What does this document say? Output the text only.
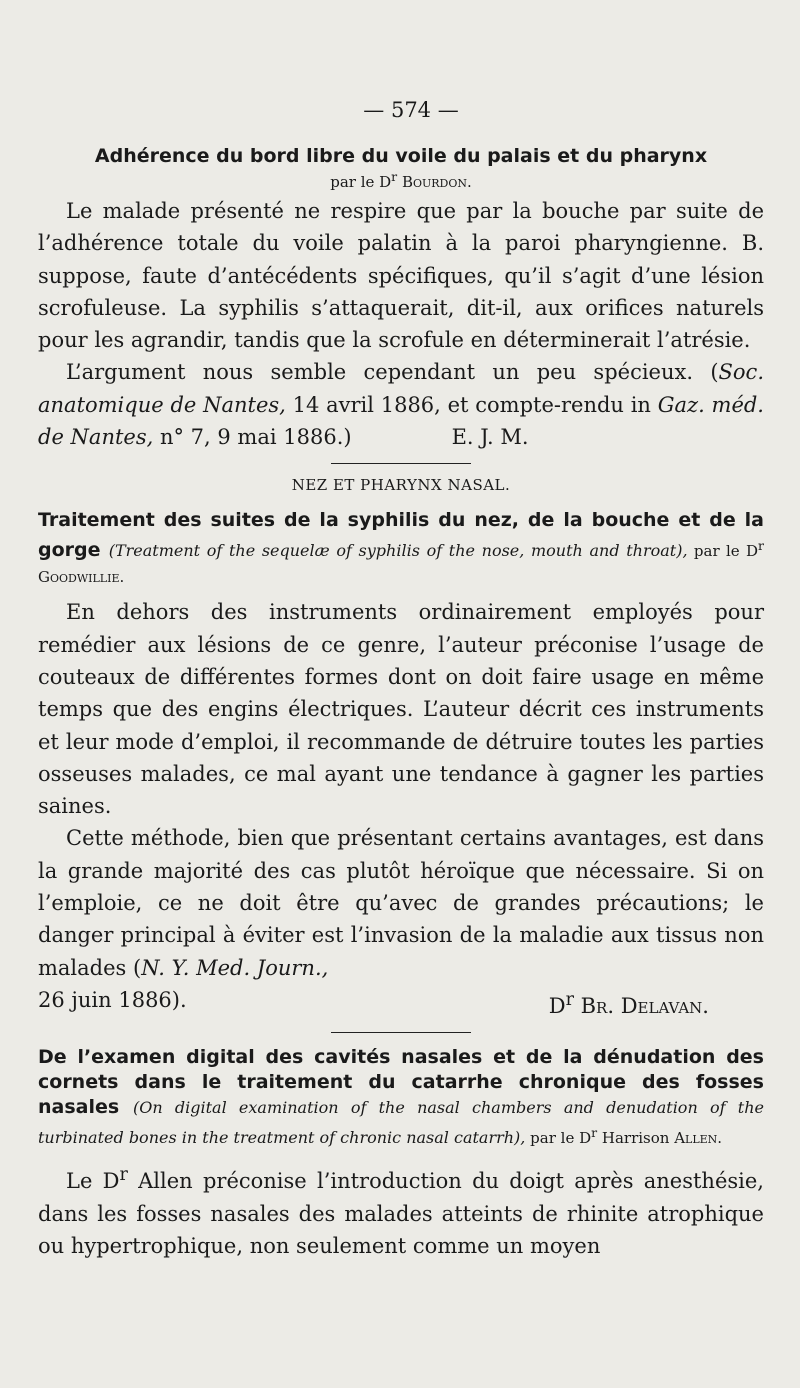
— 574 —
Adhérence du bord libre du voile du palais et du pharynx
par le $D^r$ Bourdon.

Le malade présenté ne respire que par la bouche par suite de l’adhérence totale du voile palatin à la paroi pharyngienne. B. suppose, faute d’antécédents spécifiques, qu’il s’agit d’une lésion scrofuleuse. La syphilis s’attaquerait, dit-il, aux orifices naturels pour les agrandir, tandis que la scrofule en déterminerait l’atrésie.

L’argument nous semble cependant un peu spécieux. (Soc. anatomique de Nantes, 14 avril 1886, et compte-rendu in Gaz. méd. de Nantes, n° 7, 9 mai 1886.)	E. J. M.

NEZ ET PHARYNX NASAL.
Traitement des suites de la syphilis du nez, de la bouche et de la gorge (Treatment of the sequelæ of syphilis of the nose, mouth and throat), par le $D^r$ Goodwillie.

En dehors des instruments ordinairement employés pour remédier aux lésions de ce genre, l’auteur préconise l’usage de couteaux de différentes formes dont on doit faire usage en même temps que des engins électriques. L’auteur décrit ces instruments et leur mode d’emploi, il recommande de détruire toutes les parties osseuses malades, ce mal ayant une tendance à gagner les parties saines.

Cette méthode, bien que présentant certains avantages, est dans la grande majorité des cas plutôt héroïque que nécessaire. Si on l’emploie, ce ne doit être qu’avec de grandes précautions; le danger principal à éviter est l’invasion de la maladie aux tissus non malades (N. Y. Med. Journ.,

26 juin 1886).	$D^r$ Br. Delavan.
De l’examen digital des cavités nasales et de la dénudation des cornets dans le traitement du catarrhe chronique des fosses nasales (On digital examination of the nasal chambers and denudation of the turbinated bones in the treatment of chronic nasal catarrh), par le $D^r$ Harrison Allen.

Le $D^r$ Allen préconise l’introduction du doigt après anesthésie, dans les fosses nasales des malades atteints de rhinite atrophique ou hypertrophique, non seulement comme un moyen
